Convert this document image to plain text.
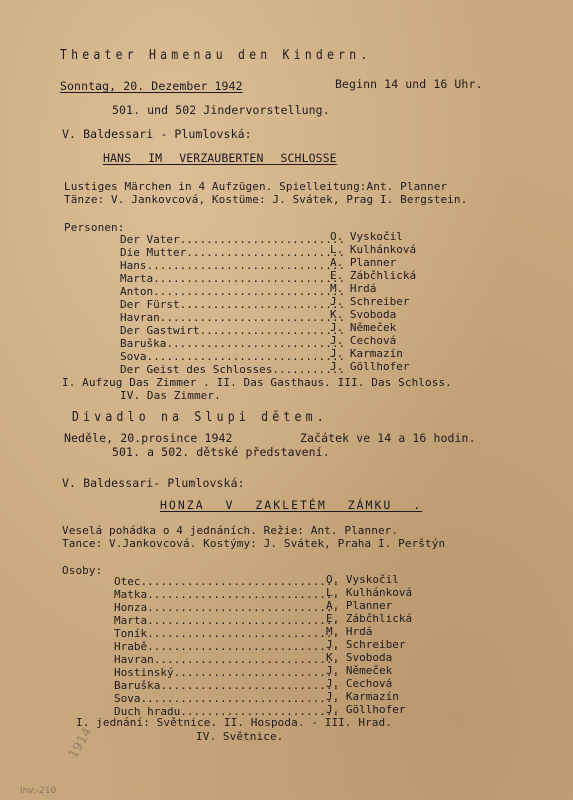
Theater Hamenau den Kindern.
Sonntag, 20. Dezember 1942	Beginn 14 und 16 Uhr.
501. und 502 Jindervorstellung.
V. Baldessari - Plumlovská:
HANS IM VERZAUBERTEN SCHLOSSE
Lustiges Märchen in 4 Aufzügen. Spielleitung:Ant. Planner
Tänze: V. Jankovcová, Kostüme: J. Svátek, Prag I. Bergstein.
Personen:
Der Vater.........................
O. Vyskočil
Die Mutter........................
L. Kulhánková
Hans..............................
A. Planner
Marta.............................
E. Zábčhlická
Anton.............................
M. Hrdá
Der Fürst.........................
J. Schreiber
Havran............................
K. Svoboda
Der Gastwirt......................
J. Němeček
Baruška...........................
J. Cechová
Sova..............................
J. Karmazín
Der Geist des Schlosses...........
J. Göllhofer
I. Aufzug Das Zimmer . II. Das Gasthaus. III. Das Schloss.
IV. Das Zimmer.
Divadlo na Slupi dětem.
Neděle, 20.prosince 1942	Začátek ve 14 a 16 hodin.
501. a 502. dětské představení.
V. Baldessari- Plumlovská:
HONZA V ZAKLETÉM ZÁMKU .
Veselá pohádka o 4 jednáních. Režie: Ant. Planner.
Tance: V.Jankovcová. Kostýmy: J. Svátek, Praha I. Perštýn
Osoby:
Otec..............................
O. Vyskočil
Matka.............................
L. Kulhánková
Honza.............................
A. Planner
Marta.............................
E. Zábčhlická
Toník.............................
M. Hrdá
Hrabě.............................
J. Schreiber
Havran............................
K. Svoboda
Hostinský.........................
J. Němeček
Baruška...........................
J. Cechová
Sova..............................
J. Karmazín
Duch hradu........................
J. Göllhofer
I. jednání: Světnice. II. Hospoda. - III. Hrad.
IV. Světnice.
1914
Inv.-210
